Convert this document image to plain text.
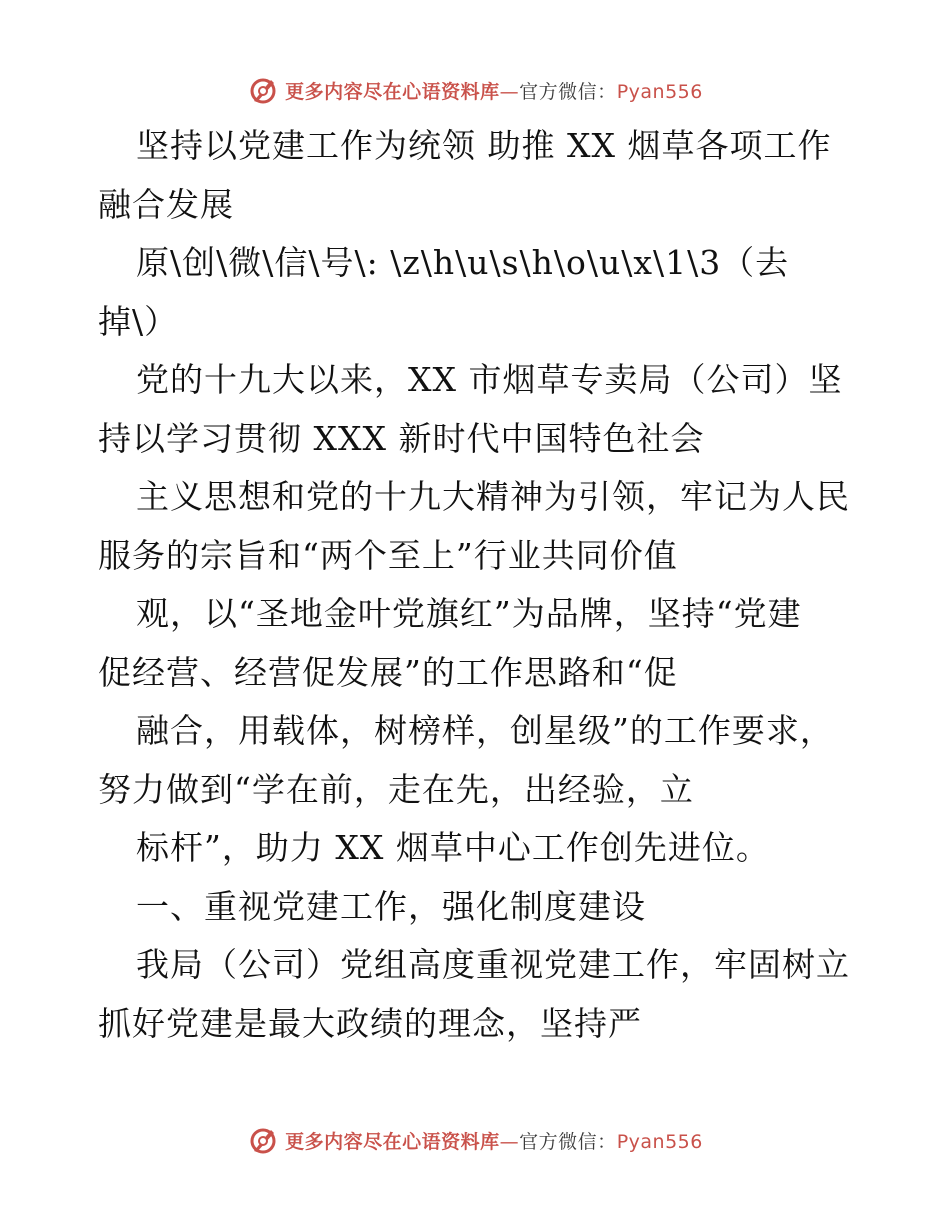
更多内容尽在心语资料库—官方微信：Pyan556
坚持以党建工作为统领 助推 XX 烟草各项工作
融合发展
原\创\微\信\号\: \z\h\u\s\h\o\u\x\1\3（去
掉\）
党的十九大以来，XX 市烟草专卖局（公司）坚
持以学习贯彻 XXX 新时代中国特色社会
主义思想和党的十九大精神为引领，牢记为人民
服务的宗旨和“两个至上”行业共同价值
观，以“圣地金叶党旗红”为品牌，坚持“党建
促经营、经营促发展”的工作思路和“促
融合，用载体，树榜样，创星级”的工作要求，
努力做到“学在前，走在先，出经验，立
标杆”，助力 XX 烟草中心工作创先进位。
一、重视党建工作，强化制度建设
我局（公司）党组高度重视党建工作，牢固树立
抓好党建是最大政绩的理念，坚持严
更多内容尽在心语资料库—官方微信：Pyan556
